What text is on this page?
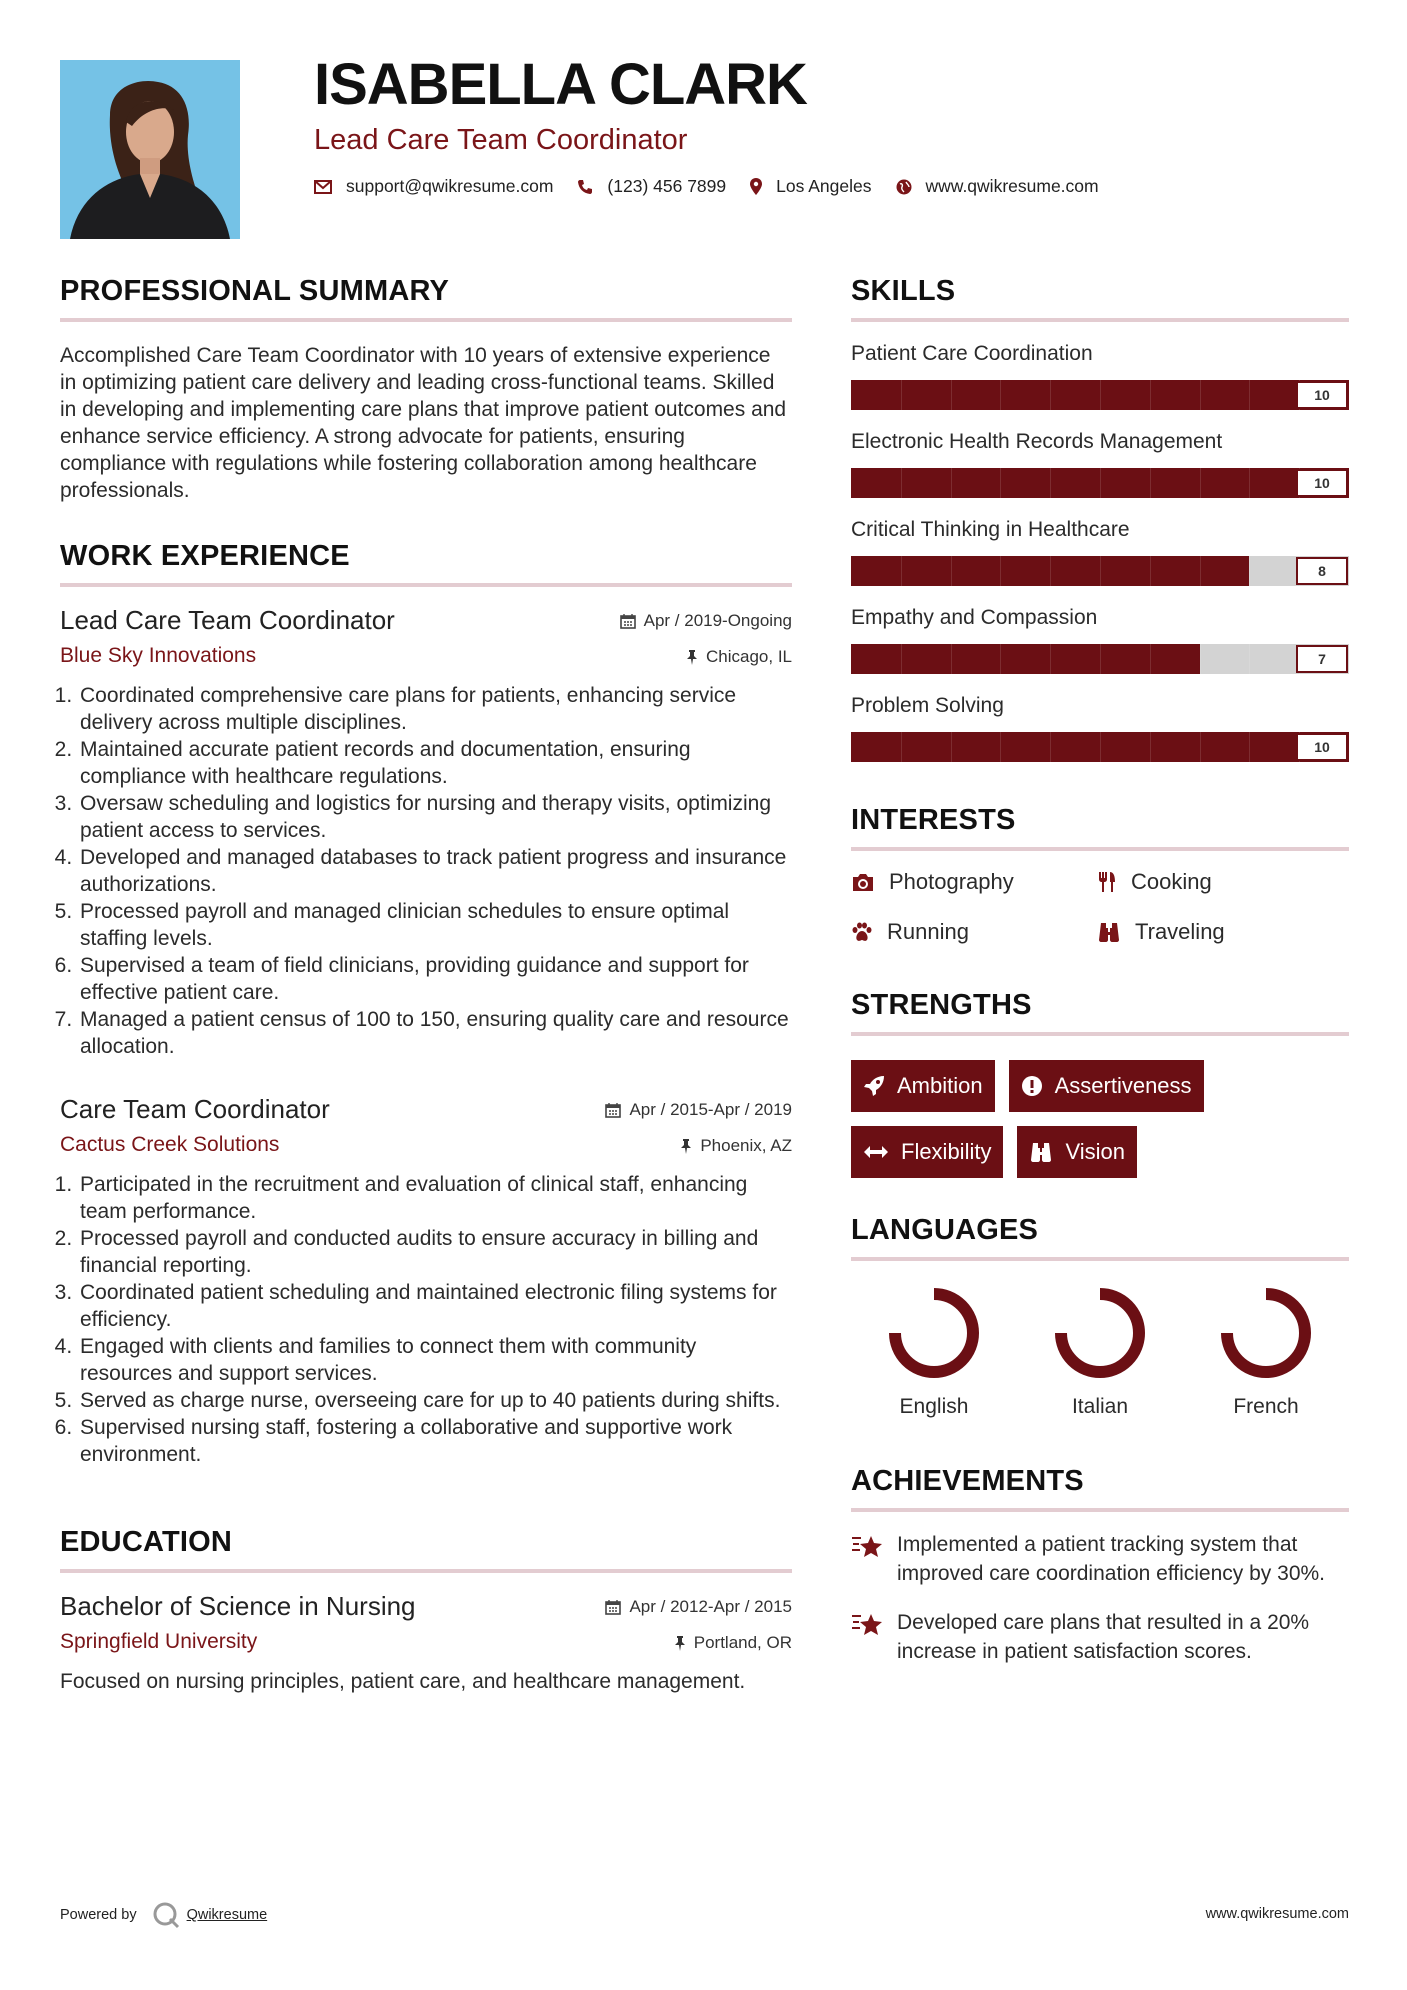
ISABELLA CLARK
Lead Care Team Coordinator
support@qwikresume.com	(123) 456 7899	Los Angeles	www.qwikresume.com
PROFESSIONAL SUMMARY
Accomplished Care Team Coordinator with 10 years of extensive experience in optimizing patient care delivery and leading cross-functional teams. Skilled in developing and implementing care plans that improve patient outcomes and enhance service efficiency. A strong advocate for patients, ensuring compliance with regulations while fostering collaboration among healthcare professionals.
WORK EXPERIENCE
Lead Care Team Coordinator
Blue Sky Innovations
Apr / 2019-Ongoing
Chicago, IL
1. Coordinated comprehensive care plans for patients, enhancing service delivery across multiple disciplines.
2. Maintained accurate patient records and documentation, ensuring compliance with healthcare regulations.
3. Oversaw scheduling and logistics for nursing and therapy visits, optimizing patient access to services.
4. Developed and managed databases to track patient progress and insurance authorizations.
5. Processed payroll and managed clinician schedules to ensure optimal staffing levels.
6. Supervised a team of field clinicians, providing guidance and support for effective patient care.
7. Managed a patient census of 100 to 150, ensuring quality care and resource allocation.
Care Team Coordinator
Cactus Creek Solutions
Apr / 2015-Apr / 2019
Phoenix, AZ
1. Participated in the recruitment and evaluation of clinical staff, enhancing team performance.
2. Processed payroll and conducted audits to ensure accuracy in billing and financial reporting.
3. Coordinated patient scheduling and maintained electronic filing systems for efficiency.
4. Engaged with clients and families to connect them with community resources and support services.
5. Served as charge nurse, overseeing care for up to 40 patients during shifts.
6. Supervised nursing staff, fostering a collaborative and supportive work environment.
EDUCATION
Bachelor of Science in Nursing
Springfield University
Apr / 2012-Apr / 2015
Portland, OR
Focused on nursing principles, patient care, and healthcare management.
SKILLS
Patient Care Coordination
10
Electronic Health Records Management
10
Critical Thinking in Healthcare
8
Empathy and Compassion
7
Problem Solving
10
INTERESTS
Photography	Cooking
Running	Traveling
STRENGTHS
Ambition	Assertiveness
Flexibility	Vision
LANGUAGES
English	Italian	French
ACHIEVEMENTS
Implemented a patient tracking system that improved care coordination efficiency by 30%.
Developed care plans that resulted in a 20% increase in patient satisfaction scores.
Powered by	Qwikresume	www.qwikresume.com
